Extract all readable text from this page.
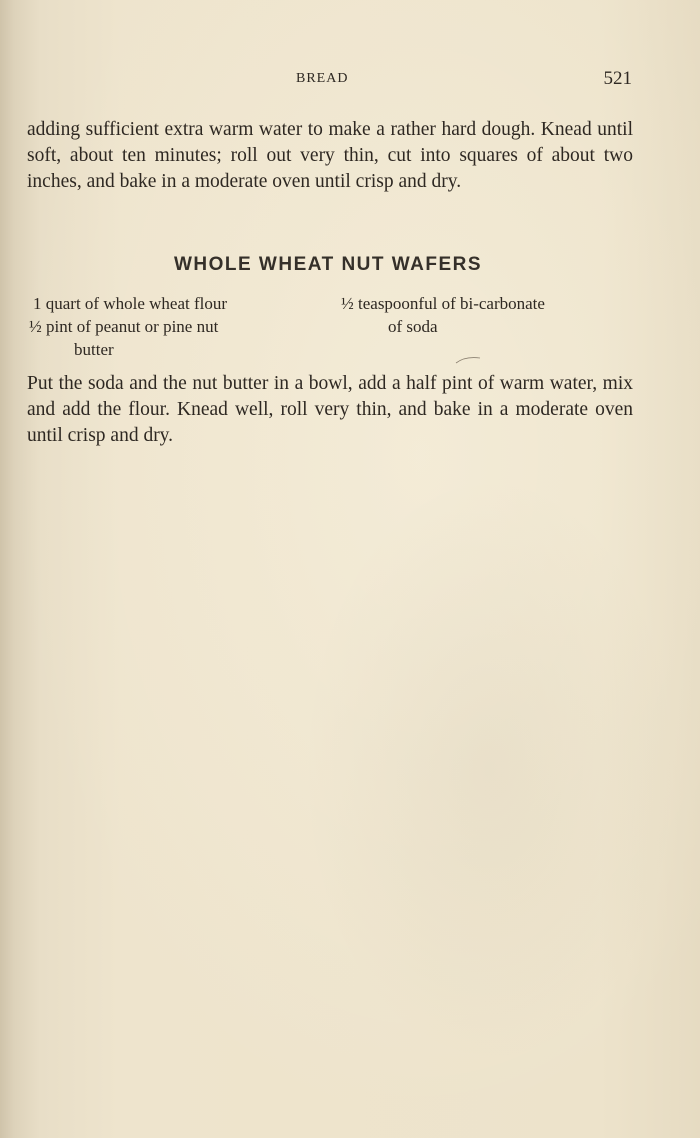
BREAD	521

adding sufficient extra warm water to make a rather hard dough. Knead until soft, about ten minutes; roll out very thin, cut into squares of about two inches, and bake in a moderate oven until crisp and dry.

WHOLE WHEAT NUT WAFERS
1 quart of whole wheat flour
½ pint of peanut or pine nut
butter
½ teaspoonful of bi-carbonate
of soda

Put the soda and the nut butter in a bowl, add a half pint of warm water, mix and add the flour. Knead well, roll very thin, and bake in a moderate oven until crisp and dry.
